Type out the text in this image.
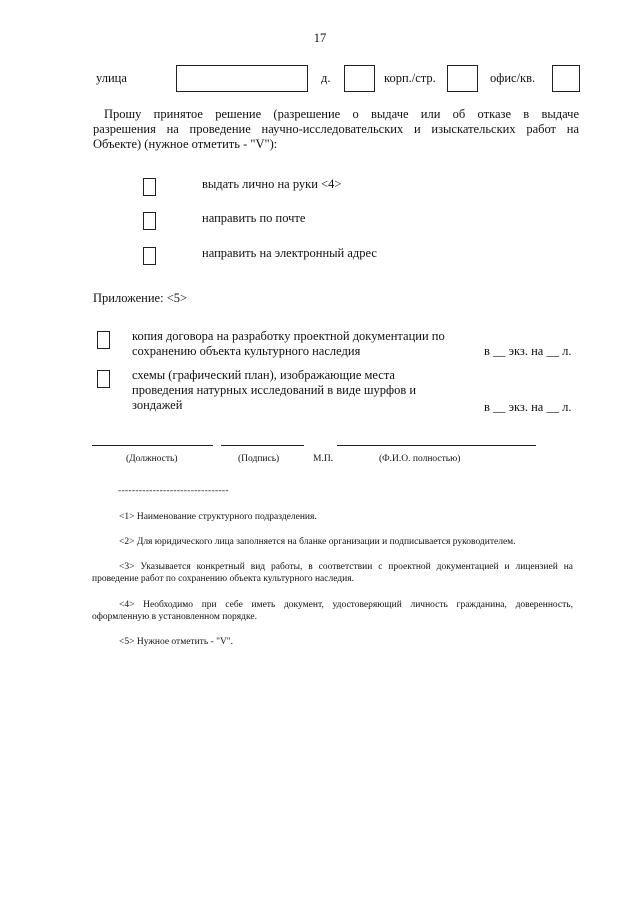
17
улица	д.	корп./стр.	офис/кв.
Прошу принятое решение (разрешение о выдаче или об отказе в выдаче
разрешения на проведение научно-исследовательских и изыскательских работ на
Объекте) (нужное отметить - "V"):
выдать лично на руки <4>
направить по почте
направить на электронный адрес
Приложение: <5>
копия договора на разработку проектной документации по
сохранению объекта культурного наследия	в __ экз. на __ л.
схемы (графический план), изображающие места
проведения натурных исследований в виде шурфов и
зондажей	в __ экз. на __ л.
(Должность)	(Подпись)	М.П.	(Ф.И.О. полностью)
--------------------------------
<1> Наименование структурного подразделения.
<2> Для юридического лица заполняется на бланке организации и подписывается руководителем.
<3> Указывается конкретный вид работы, в соответствии с проектной документацией и лицензией на
проведение работ по сохранению объекта культурного наследия.
<4> Необходимо при себе иметь документ, удостоверяющий личность гражданина, доверенность,
оформленную в установленном порядке.
<5> Нужное отметить - "V".
